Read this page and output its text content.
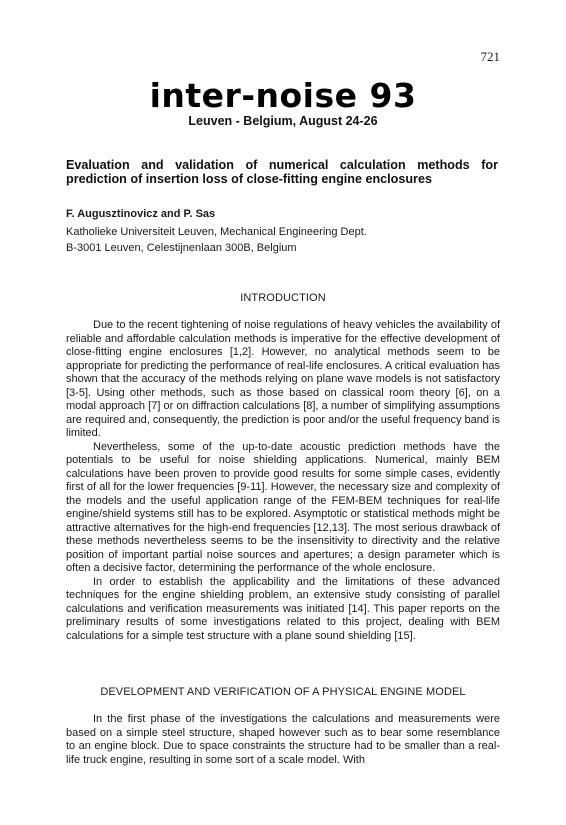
721
inter-noise 93
Leuven - Belgium, August 24-26
Evaluation and validation of numerical calculation methods for
prediction of insertion loss of close-fitting engine enclosures
F. Augusztinovicz and P. Sas
Katholieke Universiteit Leuven, Mechanical Engineering Dept.
B-3001 Leuven, Celestijnenlaan 300B, Belgium
INTRODUCTION

Due to the recent tightening of noise regulations of heavy vehicles the availability of reliable and affordable calculation methods is imperative for the effective development of close-fitting engine enclosures [1,2]. However, no analytical methods seem to be appropriate for predicting the performance of real-life enclosures. A critical evaluation has shown that the accuracy of the methods relying on plane wave models is not satisfactory [3-5]. Using other methods, such as those based on classical room theory [6], on a modal approach [7] or on diffraction calculations [8], a number of simplifying assumptions are required and, consequently, the prediction is poor and/or the useful frequency band is limited.

Nevertheless, some of the up-to-date acoustic prediction methods have the potentials to be useful for noise shielding applications. Numerical, mainly BEM calculations have been proven to provide good results for some simple cases, evidently first of all for the lower frequencies [9-11]. However, the necessary size and complexity of the models and the useful application range of the FEM-BEM techniques for real-life engine/shield systems still has to be explored. Asymptotic or statistical methods might be attractive alternatives for the high-end frequencies [12,13]. The most serious drawback of these methods nevertheless seems to be the insensitivity to directivity and the relative position of important partial noise sources and apertures; a design parameter which is often a decisive factor, determining the performance of the whole enclosure.

In order to establish the applicability and the limitations of these advanced techniques for the engine shielding problem, an extensive study consisting of parallel calculations and verification measurements was initiated [14]. This paper reports on the preliminary results of some investigations related to this project, dealing with BEM calculations for a simple test structure with a plane sound shielding [15].

DEVELOPMENT AND VERIFICATION OF A PHYSICAL ENGINE MODEL

In the first phase of the investigations the calculations and measurements were based on a simple steel structure, shaped however such as to bear some resemblance to an engine block. Due to space constraints the structure had to be smaller than a real-life truck engine, resulting in some sort of a scale model. With
